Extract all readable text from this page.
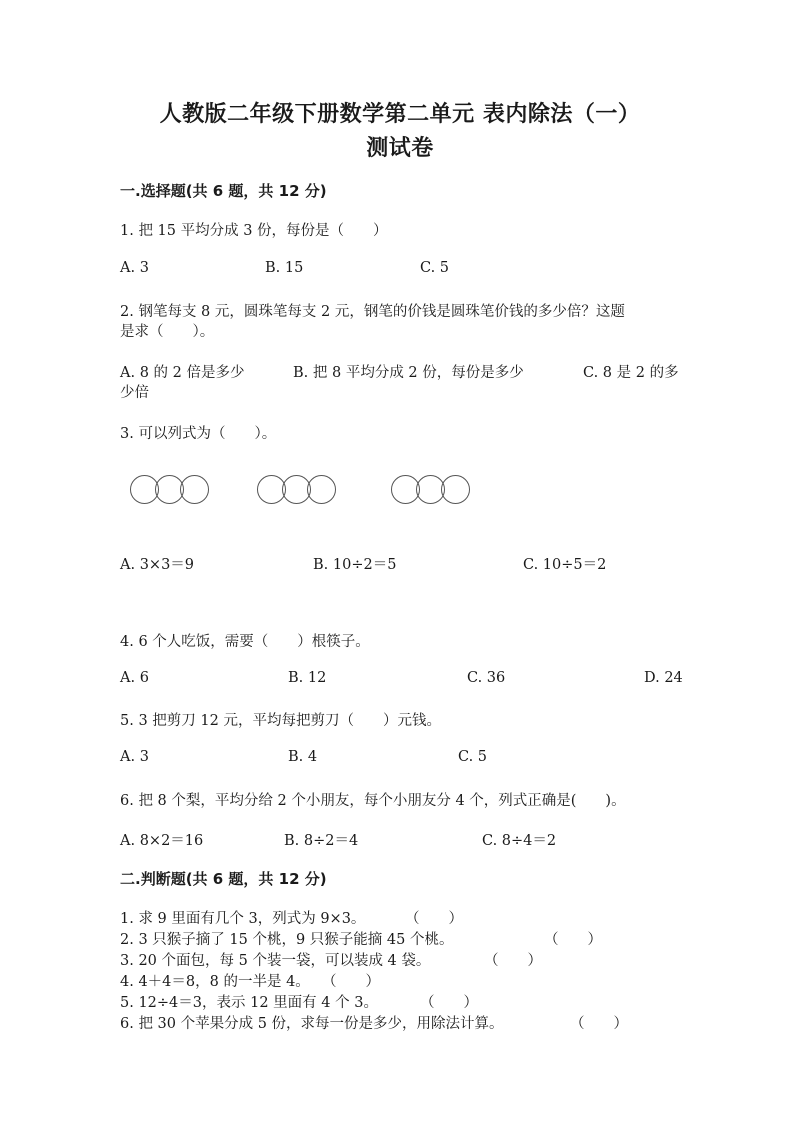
人教版二年级下册数学第二单元 表内除法（一）
测试卷
一.选择题(共 6 题，共 12 分)
1. 把 15 平均分成 3 份，每份是（　　）
A. 3	B. 15	C. 5
2. 钢笔每支 8 元，圆珠笔每支 2 元，钢笔的价钱是圆珠笔价钱的多少倍？这题
是求（　　）。
A. 8 的 2 倍是多少
少倍
B. 把 8 平均分成 2 份，每份是多少	C. 8 是 2 的多
3. 可以列式为（　　）。
A. 3×3＝9	B. 10÷2＝5	C. 10÷5＝2
4. 6 个人吃饭，需要（　　）根筷子。
A. 6	B. 12	C. 36	D. 24
5. 3 把剪刀 12 元，平均每把剪刀（　　）元钱。
A. 3	B. 4	C. 5
6. 把 8 个梨，平均分给 2 个小朋友，每个小朋友分 4 个，列式正确是(　　)。
A. 8×2＝16	B. 8÷2＝4	C. 8÷4＝2
二.判断题(共 6 题，共 12 分)
1. 求 9 里面有几个 3，列式为 9×3。	（　　）
2. 3 只猴子摘了 15 个桃，9 只猴子能摘 45 个桃。	（　　）
3. 20 个面包，每 5 个装一袋，可以装成 4 袋。	（　　）
4. 4＋4＝8，8 的一半是 4。 （　　）
5. 12÷4＝3，表示 12 里面有 4 个 3。	（　　）
6. 把 30 个苹果分成 5 份，求每一份是多少，用除法计算。	（　　）
